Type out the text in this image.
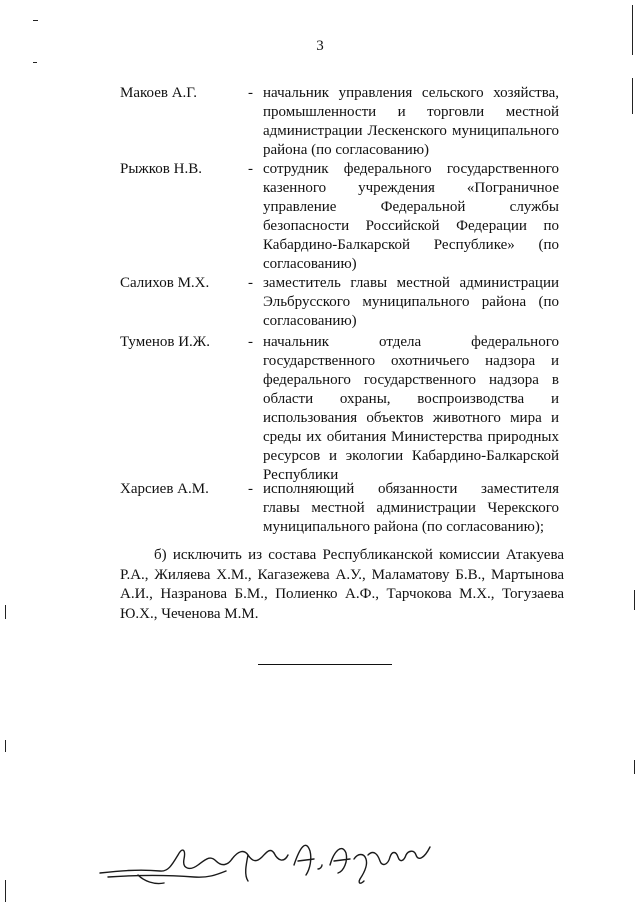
3
Макоев А.Г.	- начальник управления сельского хозяйства, промышленности и торговли местной администрации Лескенского муниципального района (по согласованию)
Рыжков Н.В.	- сотрудник федерального государственного казенного учреждения «Пограничное управление Федеральной службы безопасности Российской Федерации по Кабардино-Балкарской Республике» (по согласованию)
Салихов М.Х.	- заместитель главы местной администрации Эльбрусского муниципального района (по согласованию)
Туменов И.Ж.	- начальник отдела федерального государственного охотничьего надзора и федерального государственного надзора в области охраны, воспроизводства и использования объектов животного мира и среды их обитания Министерства природных ресурсов и экологии Кабардино-Балкарской Республики
Харсиев А.М.	- исполняющий обязанности заместителя главы местной администрации Черекского муниципального района (по согласованию);
б) исключить из состава Республиканской комиссии Атакуева Р.А., Жиляева Х.М., Кагазежева А.У., Маламатову Б.В., Мартынова А.И., Назранова Б.М., Полиенко А.Ф., Тарчокова М.Х., Тогузаева Ю.Х., Чеченова М.М.
